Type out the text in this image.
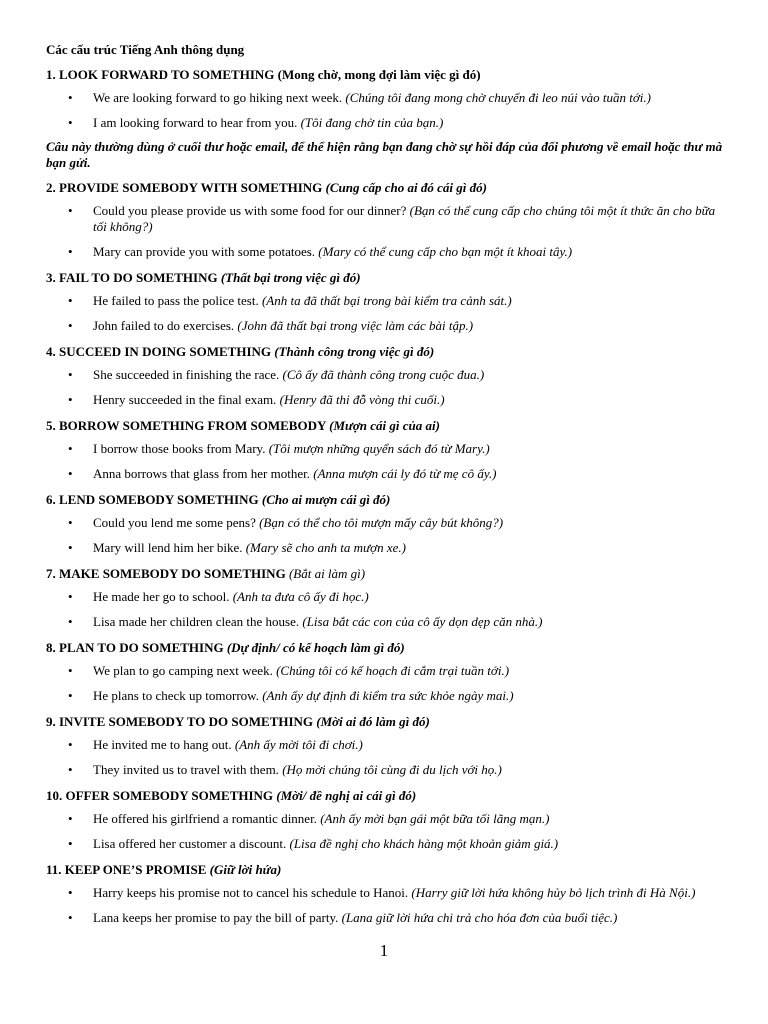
Các cấu trúc Tiếng Anh thông dụng

1. LOOK FORWARD TO SOMETHING (Mong chờ, mong đợi làm việc gì đó)

• We are looking forward to go hiking next week. (Chúng tôi đang mong chờ chuyến đi leo núi vào tuần tới.)
• I am looking forward to hear from you. (Tôi đang chờ tin của bạn.)

Câu này thường dùng ở cuối thư hoặc email, để thể hiện rằng bạn đang chờ sự hồi đáp của đối phương về email hoặc thư mà bạn gửi.

2. PROVIDE SOMEBODY WITH SOMETHING (Cung cấp cho ai đó cái gì đó)

• Could you please provide us with some food for our dinner? (Bạn có thể cung cấp cho chúng tôi một ít thức ăn cho bữa tối không?)
• Mary can provide you with some potatoes. (Mary có thể cung cấp cho bạn một ít khoai tây.)

3. FAIL TO DO SOMETHING (Thất bại trong việc gì đó)

• He failed to pass the police test. (Anh ta đã thất bại trong bài kiểm tra cảnh sát.)
• John failed to do exercises. (John đã thất bại trong việc làm các bài tập.)

4. SUCCEED IN DOING SOMETHING (Thành công trong việc gì đó)

• She succeeded in finishing the race. (Cô ấy đã thành công trong cuộc đua.)
• Henry succeeded in the final exam. (Henry đã thi đỗ vòng thi cuối.)

5. BORROW SOMETHING FROM SOMEBODY (Mượn cái gì của ai)

• I borrow those books from Mary. (Tôi mượn những quyển sách đó từ Mary.)
• Anna borrows that glass from her mother. (Anna mượn cái ly đó từ mẹ cô ấy.)

6. LEND SOMEBODY SOMETHING (Cho ai mượn cái gì đó)

• Could you lend me some pens? (Bạn có thể cho tôi mượn mấy cây bút không?)
• Mary will lend him her bike. (Mary sẽ cho anh ta mượn xe.)

7. MAKE SOMEBODY DO SOMETHING (Bắt ai làm gì)

• He made her go to school. (Anh ta đưa cô ấy đi học.)
• Lisa made her children clean the house. (Lisa bắt các con của cô ấy dọn dẹp căn nhà.)

8. PLAN TO DO SOMETHING (Dự định/ có kế hoạch làm gì đó)

• We plan to go camping next week. (Chúng tôi có kế hoạch đi cắm trại tuần tới.)
• He plans to check up tomorrow. (Anh ấy dự định đi kiểm tra sức khỏe ngày mai.)

9. INVITE SOMEBODY TO DO SOMETHING (Mời ai đó làm gì đó)

• He invited me to hang out. (Anh ấy mời tôi đi chơi.)
• They invited us to travel with them. (Họ mời chúng tôi cùng đi du lịch với họ.)

10. OFFER SOMEBODY SOMETHING (Mời/ đề nghị ai cái gì đó)

• He offered his girlfriend a romantic dinner. (Anh ấy mời bạn gái một bữa tối lãng mạn.)
• Lisa offered her customer a discount. (Lisa đề nghị cho khách hàng một khoản giảm giá.)

11. KEEP ONE’S PROMISE (Giữ lời hứa)

• Harry keeps his promise not to cancel his schedule to Hanoi. (Harry giữ lời hứa không hủy bỏ lịch trình đi Hà Nội.)
• Lana keeps her promise to pay the bill of party. (Lana giữ lời hứa chi trả cho hóa đơn của buổi tiệc.)
1
